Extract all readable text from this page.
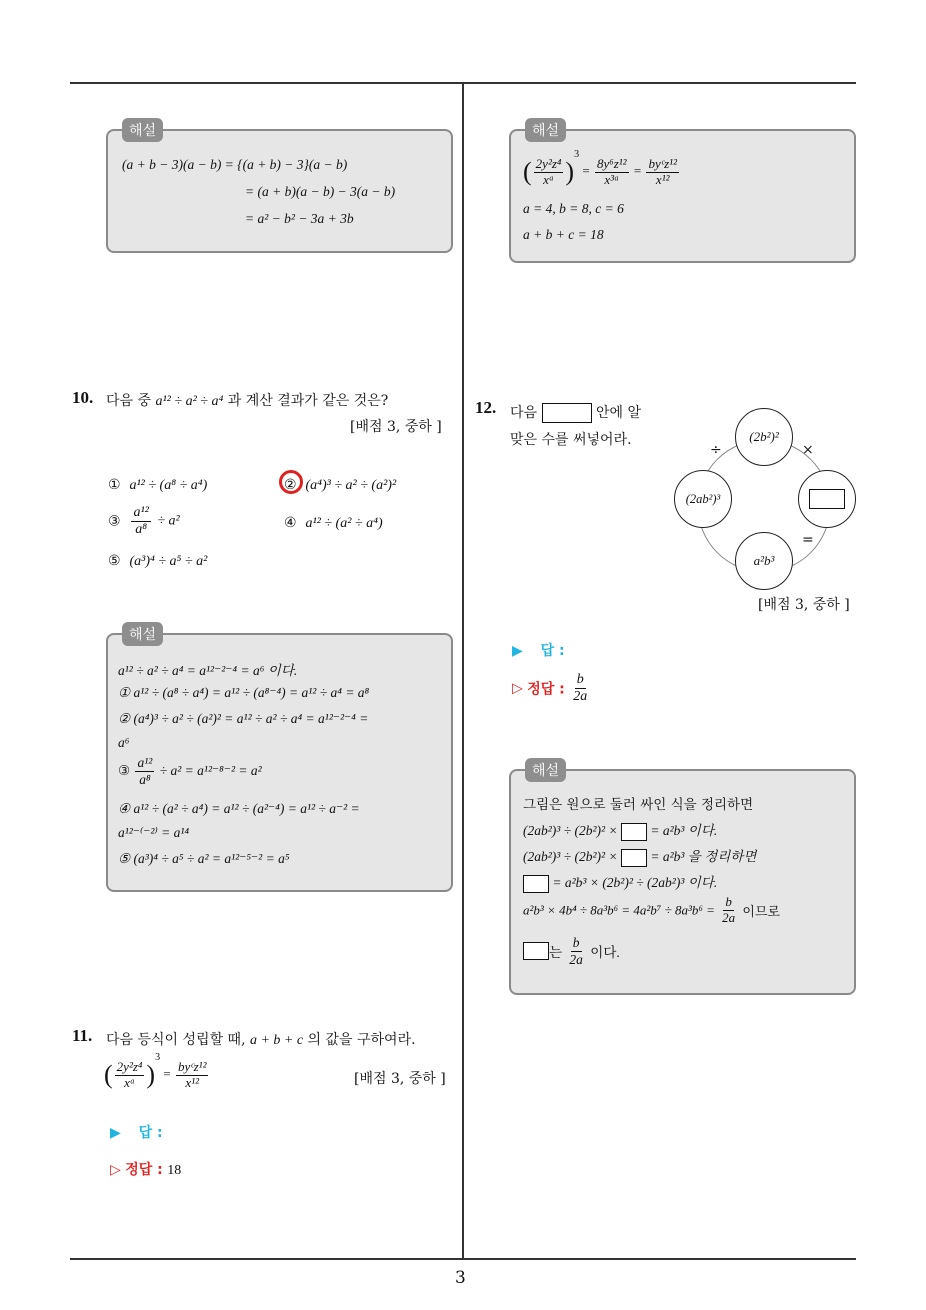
3
해설
(a + b − 3)(a − b) = {(a + b) − 3}(a − b)
= (a + b)(a − b) − 3(a − b)
= a² − b² − 3a + 3b
해설
( $\frac{\text{2y²z⁴}}{\text{xᵃ}} )^3 = \frac{\text{8y⁶z¹²}}{\text{x³ᵃ}} = \frac{\text{byᶜz¹²}}{\text{x¹²}}$
a = 4, b = 8, c = 6
a + b + c = 18
10. 다음 중 a¹² ÷ a² ÷ a⁴ 과 계산 결과가 같은 것은?
[배점 3, 중하 ]
① a¹² ÷ (a⁸ ÷ a⁴)	② (a⁴)³ ÷ a² ÷ (a²)²
③ $\frac{\text{a¹²}}{\text{a⁸}} \div a^2$	④ a¹² ÷ (a² ÷ a⁴)
⑤ (a³)⁴ ÷ a⁵ ÷ a²
해설
a¹² ÷ a² ÷ a⁴ = a¹²⁻²⁻⁴ = a⁶ 이다.
① a¹² ÷ (a⁸ ÷ a⁴) = a¹² ÷ (a⁸⁻⁴) = a¹² ÷ a⁴ = a⁸
② (a⁴)³ ÷ a² ÷ (a²)² = a¹² ÷ a² ÷ a⁴ = a¹²⁻²⁻⁴ =
a⁶
③ $\frac{\text{a¹²}}{\text{a⁸}} \div a^2 = a^{12-8-2} = a^2$
④ a¹² ÷ (a² ÷ a⁴) = a¹² ÷ (a²⁻⁴) = a¹² ÷ a⁻² =
a¹²⁻⁽⁻²⁾ = a¹⁴
⑤ (a³)⁴ ÷ a⁵ ÷ a² = a¹²⁻⁵⁻² = a⁵
11. 다음 등식이 성립할 때, a + b + c 의 값을 구하여라.
( $\frac{\text{2y²z⁴}}{\text{xᵃ}} )^3 = \frac{\text{byᶜz¹²}}{\text{x¹²}}$	[배점 3, 중하 ]
▶ 답 :
▷ 정답 : 18
12. 다음	안에 알
맞은 수를 써넣어라.	(2b²)²
(2ab²)³
a²b³
÷	×
=
[배점 3, 중하 ]
▶ 답 :
▷ 정답 : $\frac{b}{2a}$
해설
그림은 원으로 둘러 싸인 식을 정리하면
(2ab²)³ ÷ (2b²)² × = a²b³ 이다.
(2ab²)³ ÷ (2b²)² × = a²b³ 을 정리하면
= a²b³ × (2b²)² ÷ (2ab²)³ 이다.
$a^2b^3 \times 4b^4 \div 8a^3b^6 = 4a^2b^7 \div 8a^3b^6 = \frac{b}{2a}$ 이므로
는 $\frac{b}{2a}$ 이다.
